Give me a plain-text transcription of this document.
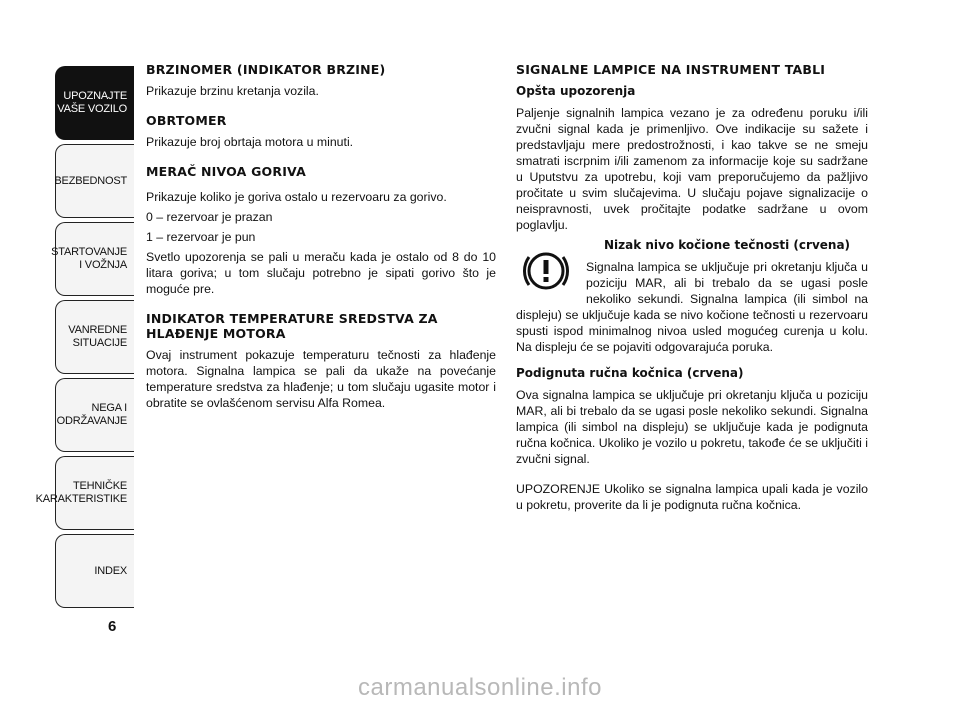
UPOZNAJTE
VAŠE VOZILO
BEZBEDNOST
STARTOVANJE
I VOŽNJA
VANREDNE
SITUACIJE
NEGA I
ODRŽAVANJE
TEHNIČKE
KARAKTERISTIKE
INDEX
6
BRZINOMER (INDIKATOR BRZINE)
Prikazuje brzinu kretanja vozila.
OBRTOMER
Prikazuje broj obrtaja motora u minuti.
MERAČ NIVOA GORIVA
Prikazuje koliko je goriva ostalo u rezervoaru za gorivo.
0 – rezervoar je prazan
1 – rezervoar je pun
Svetlo upozorenja se pali u meraču kada je ostalo od 8 do 10 litara goriva; u tom slučaju potrebno je sipati gorivo što je moguće pre.
INDIKATOR TEMPERATURE SREDSTVA ZA HLAĐENJE MOTORA
Ovaj instrument pokazuje temperaturu tečnosti za hlađenje motora. Signalna lampica se pali da ukaže na povećanje temperature sredstva za hlađenje; u tom slučaju ugasite motor i obratite se ovlašćenom servisu Alfa Romea.
SIGNALNE LAMPICE NA INSTRUMENT TABLI
Opšta upozorenja
Paljenje signalnih lampica vezano je za određenu poruku i/ili zvučni signal kada je primenljivo. Ove indikacije su sažete i predstavljaju mere predostrožnosti, i kao takve se ne smeju smatrati iscrpnim i/ili zamenom za informacije koje su sadržane u Uputstvu za upotrebu, koji vam preporučujemo da pažljivo pročitate u svim slučajevima. U slučaju pojave signalizacije o neispravnosti, uvek pročitajte podatke sadržane u ovom poglavlju.
Nizak nivo kočione tečnosti (crvena)
Signalna lampica se uključuje pri okretanju ključa u poziciju MAR, ali bi trebalo da se ugasi posle nekoliko sekundi. Signalna lampica (ili simbol na displeju) se uključuje kada se nivo kočione tečnosti u rezervoaru spusti ispod minimalnog nivoa usled mogućeg curenja u kolu. Na displeju će se pojaviti odgovarajuća poruka.
Podignuta ručna kočnica (crvena)
Ova signalna lampica se uključuje pri okretanju ključa u poziciju MAR, ali bi trebalo da se ugasi posle nekoliko sekundi. Signalna lampica (ili simbol na displeju) se uključuje kada je podignuta ručna kočnica. Ukoliko je vozilo u pokretu, takođe će se uključiti i zvučni signal.
UPOZORENJE Ukoliko se signalna lampica upali kada je vozilo u pokretu, proverite da li je podignuta ručna kočnica.
carmanualsonline.info
